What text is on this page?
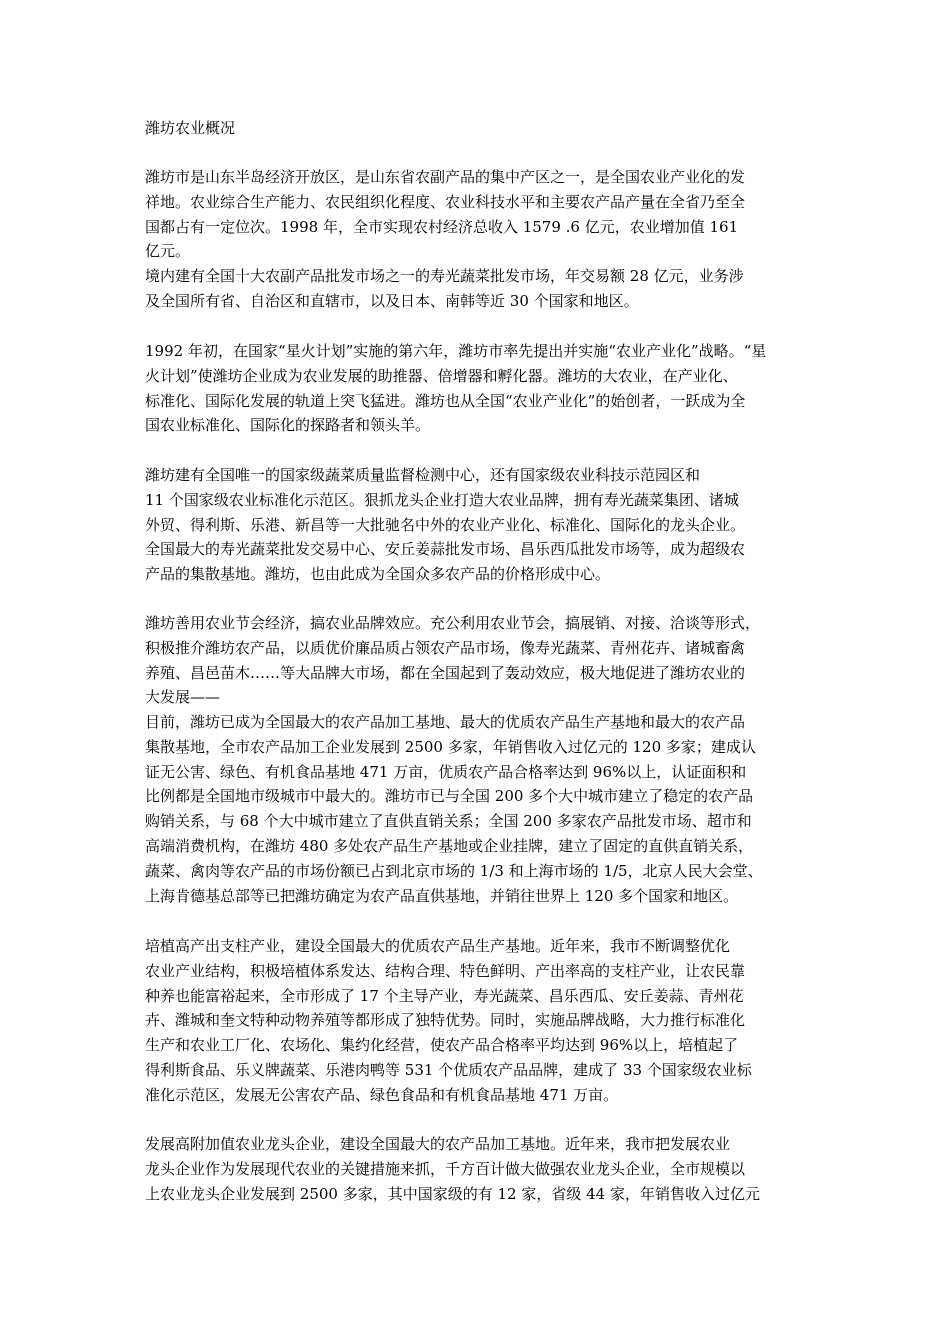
潍坊农业概况
潍坊市是山东半岛经济开放区，是山东省农副产品的集中产区之一，是全国农业产业化的发
祥地。农业综合生产能力、农民组织化程度、农业科技水平和主要农产品产量在全省乃至全
国都占有一定位次。1998 年，全市实现农村经济总收入 1579 .6 亿元，农业增加值 161
亿元。
境内建有全国十大农副产品批发市场之一的寿光蔬菜批发市场，年交易额 28 亿元，业务涉
及全国所有省、自治区和直辖市，以及日本、南韩等近 30 个国家和地区。
1992 年初，在国家“星火计划”实施的第六年，潍坊市率先提出并实施“农业产业化”战略。“星
火计划”使潍坊企业成为农业发展的助推器、倍增器和孵化器。潍坊的大农业，在产业化、
标准化、国际化发展的轨道上突飞猛进。潍坊也从全国“农业产业化”的始创者，一跃成为全
国农业标准化、国际化的探路者和领头羊。
潍坊建有全国唯一的国家级蔬菜质量监督检测中心，还有国家级农业科技示范园区和
11 个国家级农业标准化示范区。狠抓龙头企业打造大农业品牌，拥有寿光蔬菜集团、诸城
外贸、得利斯、乐港、新昌等一大批驰名中外的农业产业化、标准化、国际化的龙头企业。
全国最大的寿光蔬菜批发交易中心、安丘姜蒜批发市场、昌乐西瓜批发市场等，成为超级农
产品的集散基地。潍坊，也由此成为全国众多农产品的价格形成中心。
潍坊善用农业节会经济，搞农业品牌效应。充公利用农业节会，搞展销、对接、洽谈等形式，
积极推介潍坊农产品，以质优价廉品质占领农产品市场，像寿光蔬菜、青州花卉、诸城畜禽
养殖、昌邑苗木……等大品牌大市场，都在全国起到了轰动效应，极大地促进了潍坊农业的
大发展——
目前，潍坊已成为全国最大的农产品加工基地、最大的优质农产品生产基地和最大的农产品
集散基地，全市农产品加工企业发展到 2500 多家，年销售收入过亿元的 120 多家；建成认
证无公害、绿色、有机食品基地 471 万亩，优质农产品合格率达到 96%以上，认证面积和
比例都是全国地市级城市中最大的。潍坊市已与全国 200 多个大中城市建立了稳定的农产品
购销关系，与 68 个大中城市建立了直供直销关系；全国 200 多家农产品批发市场、超市和
高端消费机构，在潍坊 480 多处农产品生产基地或企业挂牌，建立了固定的直供直销关系，
蔬菜、禽肉等农产品的市场份额已占到北京市场的 1/3 和上海市场的 1/5，北京人民大会堂、
上海肯德基总部等已把潍坊确定为农产品直供基地，并销往世界上 120 多个国家和地区。
培植高产出支柱产业，建设全国最大的优质农产品生产基地。近年来，我市不断调整优化
农业产业结构，积极培植体系发达、结构合理、特色鲜明、产出率高的支柱产业，让农民靠
种养也能富裕起来，全市形成了 17 个主导产业，寿光蔬菜、昌乐西瓜、安丘姜蒜、青州花
卉、潍城和奎文特种动物养殖等都形成了独特优势。同时，实施品牌战略，大力推行标准化
生产和农业工厂化、农场化、集约化经营，使农产品合格率平均达到 96%以上，培植起了
得利斯食品、乐义牌蔬菜、乐港肉鸭等 531 个优质农产品品牌，建成了 33 个国家级农业标
准化示范区，发展无公害农产品、绿色食品和有机食品基地 471 万亩。
发展高附加值农业龙头企业，建设全国最大的农产品加工基地。近年来，我市把发展农业
龙头企业作为发展现代农业的关键措施来抓，千方百计做大做强农业龙头企业，全市规模以
上农业龙头企业发展到 2500 多家，其中国家级的有 12 家，省级 44 家，年销售收入过亿元
